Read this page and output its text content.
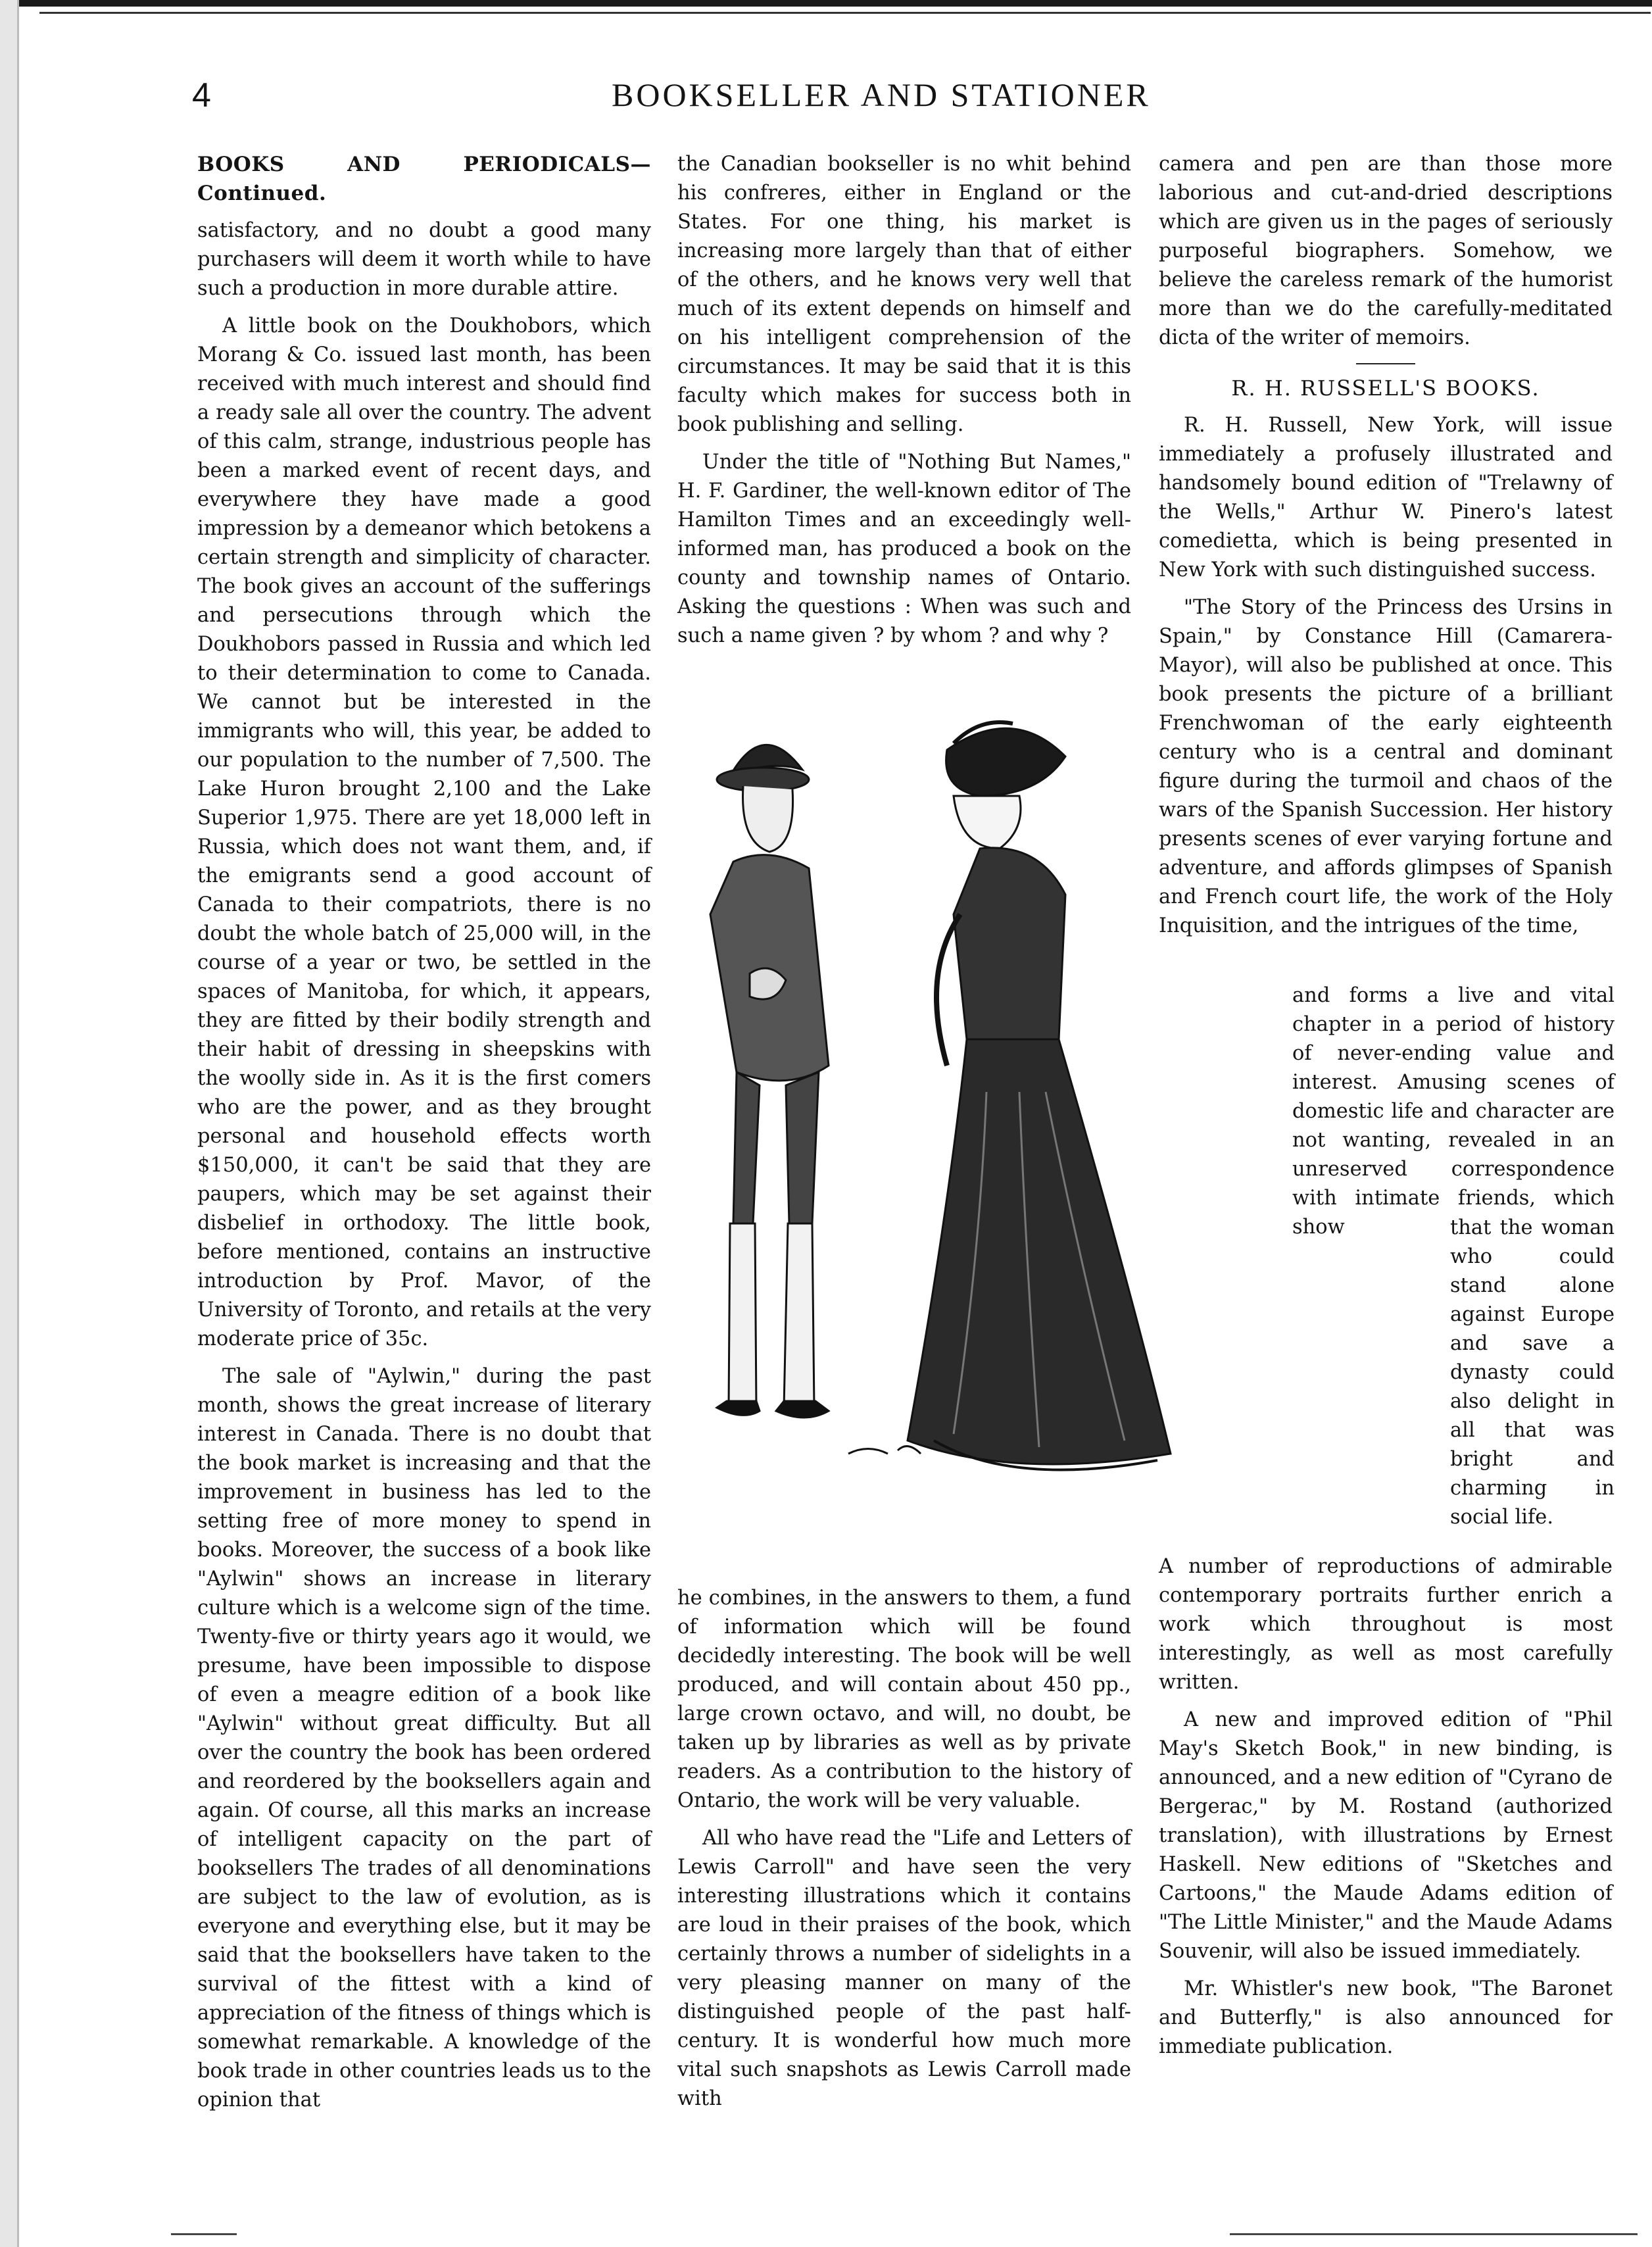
4	BOOKSELLER AND STATIONER

BOOKS AND PERIODICALS—Continued.

satisfactory, and no doubt a good many purchasers will deem it worth while to have such a production in more durable attire.

A little book on the Doukhobors, which Morang & Co. issued last month, has been received with much interest and should find a ready sale all over the country. The advent of this calm, strange, industrious people has been a marked event of recent days, and everywhere they have made a good impression by a demeanor which betokens a certain strength and simplicity of character. The book gives an account of the sufferings and persecutions through which the Doukhobors passed in Russia and which led to their determination to come to Canada. We cannot but be interested in the immigrants who will, this year, be added to our population to the number of 7,500. The Lake Huron brought 2,100 and the Lake Superior 1,975. There are yet 18,000 left in Russia, which does not want them, and, if the emigrants send a good account of Canada to their compatriots, there is no doubt the whole batch of 25,000 will, in the course of a year or two, be settled in the spaces of Manitoba, for which, it appears, they are fitted by their bodily strength and their habit of dressing in sheepskins with the woolly side in. As it is the first comers who are the power, and as they brought personal and household effects worth $150,000, it can't be said that they are paupers, which may be set against their disbelief in orthodoxy. The little book, before mentioned, contains an instructive introduction by Prof. Mavor, of the University of Toronto, and retails at the very moderate price of 35c.

The sale of "Aylwin," during the past month, shows the great increase of literary interest in Canada. There is no doubt that the book market is increasing and that the improvement in business has led to the setting free of more money to spend in books. Moreover, the success of a book like "Aylwin" shows an increase in literary culture which is a welcome sign of the time. Twenty-five or thirty years ago it would, we presume, have been impossible to dispose of even a meagre edition of a book like "Aylwin" without great difficulty. But all over the country the book has been ordered and reordered by the booksellers again and again. Of course, all this marks an increase of intelligent capacity on the part of booksellers The trades of all denominations are subject to the law of evolution, as is everyone and everything else, but it may be said that the booksellers have taken to the survival of the fittest with a kind of appreciation of the fitness of things which is somewhat remarkable. A knowledge of the book trade in other countries leads us to the opinion that

the Canadian bookseller is no whit behind his confreres, either in England or the States. For one thing, his market is increasing more largely than that of either of the others, and he knows very well that much of its extent depends on himself and on his intelligent comprehension of the circumstances. It may be said that it is this faculty which makes for success both in book publishing and selling.

Under the title of "Nothing But Names," H. F. Gardiner, the well-known editor of The Hamilton Times and an exceedingly well-informed man, has produced a book on the county and township names of Ontario. Asking the questions : When was such and such a name given ? by whom ? and why ?

he combines, in the answers to them, a fund of information which will be found decidedly interesting. The book will be well produced, and will contain about 450 pp., large crown octavo, and will, no doubt, be taken up by libraries as well as by private readers. As a contribution to the history of Ontario, the work will be very valuable.

All who have read the "Life and Letters of Lewis Carroll" and have seen the very interesting illustrations which it contains are loud in their praises of the book, which certainly throws a number of sidelights in a very pleasing manner on many of the distinguished people of the past half-century. It is wonderful how much more vital such snapshots as Lewis Carroll made with

camera and pen are than those more laborious and cut-and-dried descriptions which are given us in the pages of seriously purposeful biographers. Somehow, we believe the careless remark of the humorist more than we do the carefully-meditated dicta of the writer of memoirs.

R. H. RUSSELL'S BOOKS.

R. H. Russell, New York, will issue immediately a profusely illustrated and handsomely bound edition of "Trelawny of the Wells," Arthur W. Pinero's latest comedietta, which is being presented in New York with such distinguished success.

"The Story of the Princess des Ursins in Spain," by Constance Hill (Camarera-Mayor), will also be published at once. This book presents the picture of a brilliant Frenchwoman of the early eighteenth century who is a central and dominant figure during the turmoil and chaos of the wars of the Spanish Succession. Her history presents scenes of ever varying fortune and adventure, and affords glimpses of Spanish and French court life, the work of the Holy Inquisition, and the intrigues of the time,

and forms a live and vital chapter in a period of history of never-ending value and interest. Amusing scenes of domestic life and character are not wanting, revealed in an unreserved correspondence with intimate friends, which show	that the woman who could stand alone against Europe and save a dynasty could also delight in all that was bright and charming in social life.

A number of reproductions of admirable contemporary portraits further enrich a work which throughout is most interestingly, as well as most carefully written.

A new and improved edition of "Phil May's Sketch Book," in new binding, is announced, and a new edition of "Cyrano de Bergerac," by M. Rostand (authorized translation), with illustrations by Ernest Haskell. New editions of "Sketches and Cartoons," the Maude Adams edition of "The Little Minister," and the Maude Adams Souvenir, will also be issued immediately.

Mr. Whistler's new book, "The Baronet and Butterfly," is also announced for immediate publication.
